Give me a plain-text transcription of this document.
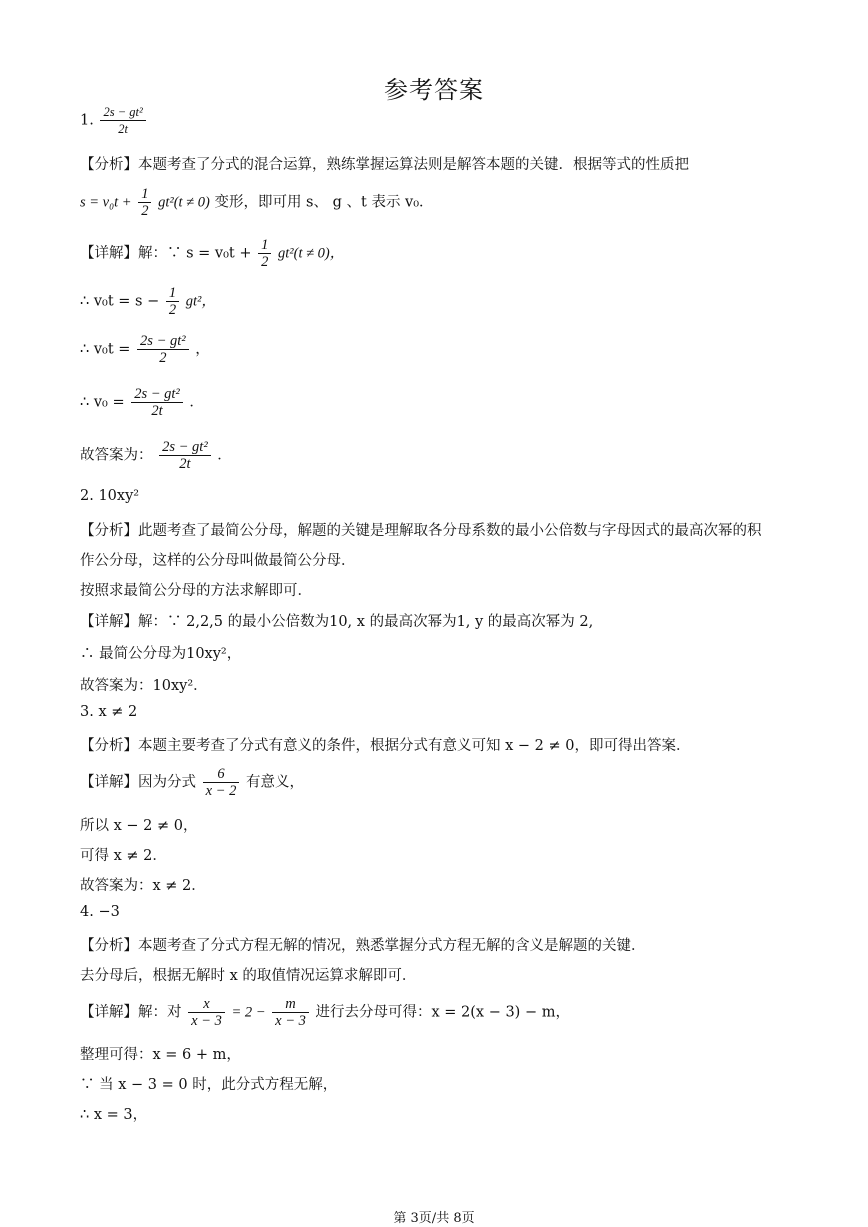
参考答案
1. $\frac{\text{2s − gt²}}{2t}$
【分析】本题考查了分式的混合运算，熟练掌握运算法则是解答本题的关键．根据等式的性质把
$s = v_0t + \frac{1}{2} gt^2(t \ne 0)$ 变形，即可用 s、 g 、t 表示 v₀．
【详解】解：∵ $s = v_0t + \frac{1}{2} gt^2(t \ne 0)$，
∴ $v_0t = s - \frac{1}{2} gt^2$，
∴ $v_0t = \frac{\text{2s − gt²}}{2}$ ，
∴ $v_0 = \frac{\text{2s − gt²}}{2t}$ ．
故答案为： $\frac{\text{2s − gt²}}{2t}$ ．
2. 10xy²
【分析】此题考查了最简公分母，解题的关键是理解取各分母系数的最小公倍数与字母因式的最高次幂的积
作公分母，这样的公分母叫做最简公分母．
按照求最简公分母的方法求解即可．
【详解】解：∵ 2,2,5 的最小公倍数为10, x 的最高次幂为1, y 的最高次幂为 2,
∴ 最简公分母为10xy²，
故答案为：10xy²．
3. x ≠ 2
【分析】本题主要考查了分式有意义的条件，根据分式有意义可知 x − 2 ≠ 0，即可得出答案．
【详解】因为分式 $\frac{6}{x - 2}$ 有意义，
所以 x − 2 ≠ 0，
可得 x ≠ 2．
故答案为：x ≠ 2．
4. −3
【分析】本题考查了分式方程无解的情况，熟悉掌握分式方程无解的含义是解题的关键．
去分母后，根据无解时 x 的取值情况运算求解即可．
【详解】解：对 $\frac{x}{x - 3} = 2 - \frac{m}{x - 3}$ 进行去分母可得：x = 2(x − 3) − m，
整理可得：x = 6 + m，
∵ 当 x − 3 = 0 时，此分式方程无解，
∴ x = 3，
第 3页/共 8页
